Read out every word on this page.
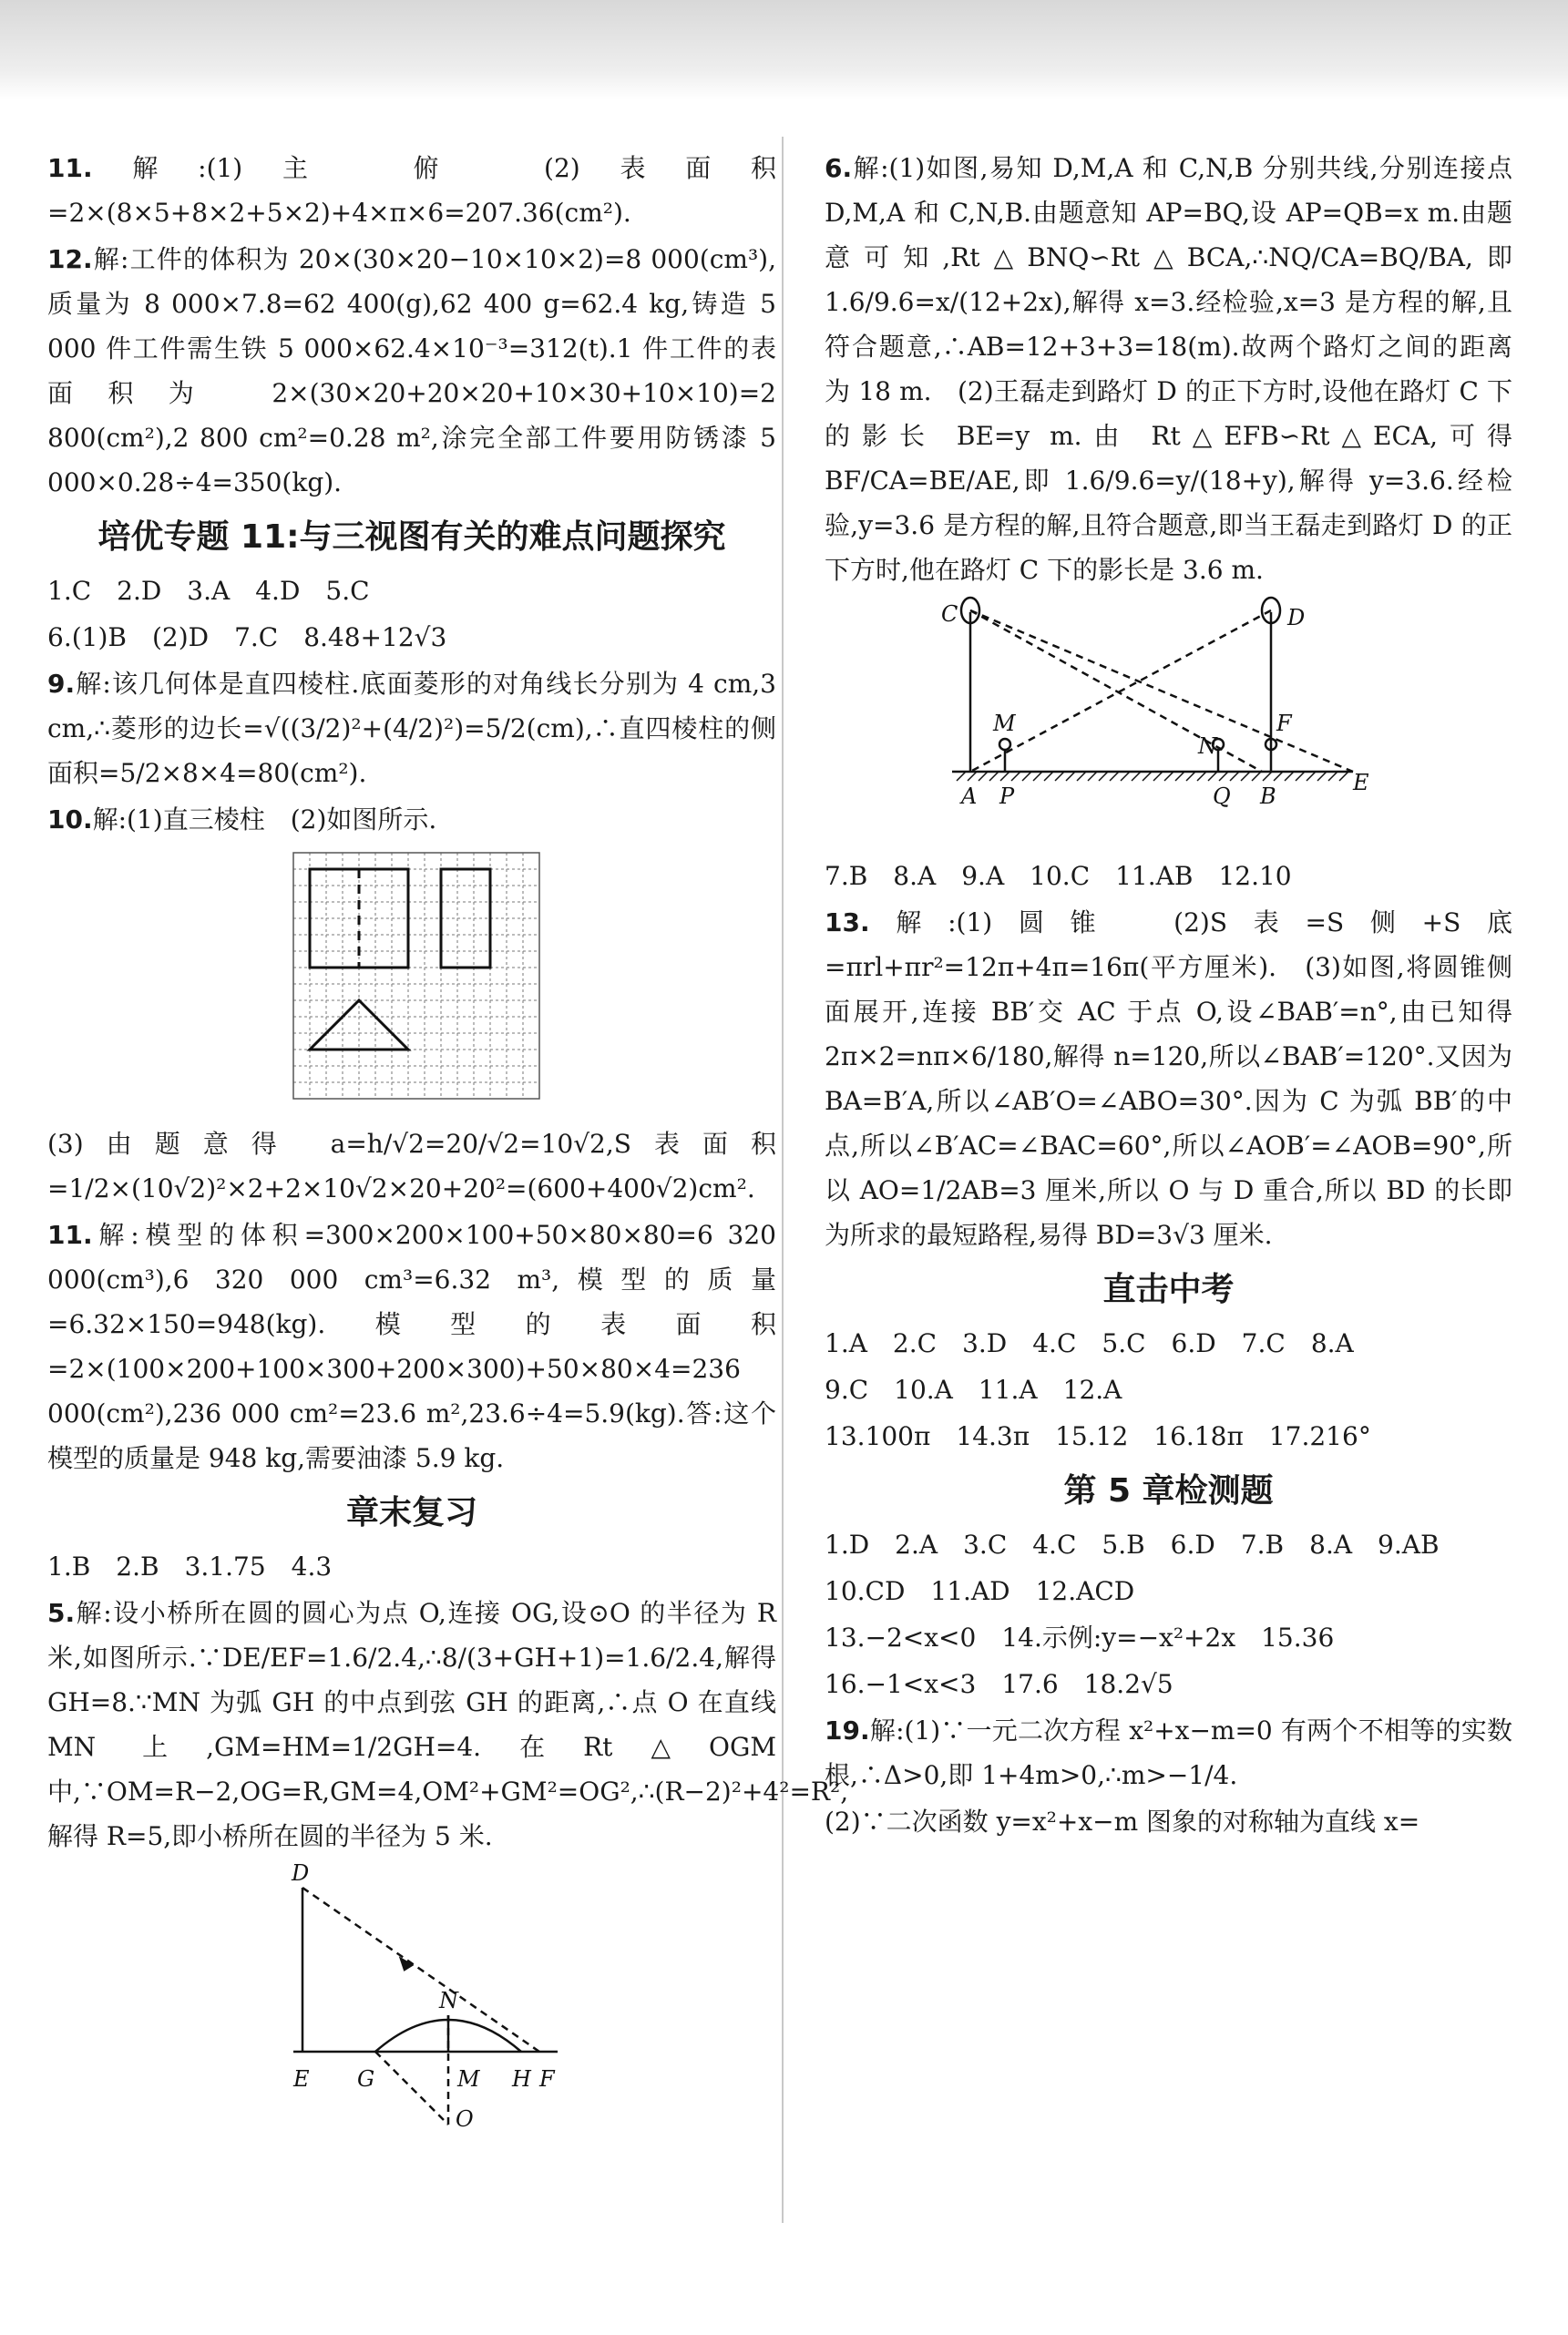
11.解:(1)主　俯　(2)表面积=2×(8×5+8×2+5×2)+4×π×6=207.36(cm²).

12.解:工件的体积为 20×(30×20−10×10×2)=8 000(cm³),质量为 8 000×7.8=62 400(g),62 400 g=62.4 kg,铸造 5 000 件工件需生铁 5 000×62.4×10⁻³=312(t).1 件工件的表面积为 2×(30×20+20×20+10×30+10×10)=2 800(cm²),2 800 cm²=0.28 m²,涂完全部工件要用防锈漆 5 000×0.28÷4=350(kg).

培优专题 11:与三视图有关的难点问题探究

1.C　2.D　3.A　4.D　5.C

6.(1)B　(2)D　7.C　8.48+12√3

9.解:该几何体是直四棱柱.底面菱形的对角线长分别为 4 cm,3 cm,∴菱形的边长=√((3/2)²+(4/2)²)=5/2(cm),∴直四棱柱的侧面积=5/2×8×4=80(cm²).

10.解:(1)直三棱柱　(2)如图所示.

(3)由题意得 a=h/√2=20/√2=10√2,S表面积=1/2×(10√2)²×2+2×10√2×20+20²=(600+400√2)cm².

11.解:模型的体积=300×200×100+50×80×80=6 320 000(cm³),6 320 000 cm³=6.32 m³,模型的质量=6.32×150=948(kg).模型的表面积=2×(100×200+100×300+200×300)+50×80×4=236 000(cm²),236 000 cm²=23.6 m²,23.6÷4=5.9(kg).答:这个模型的质量是 948 kg,需要油漆 5.9 kg.

章末复习

1.B　2.B　3.1.75　4.3

5.解:设小桥所在圆的圆心为点 O,连接 OG,设⊙O 的半径为 R 米,如图所示.∵DE/EF=1.6/2.4,∴8/(3+GH+1)=1.6/2.4,解得 GH=8.∵MN 为弧 GH 的中点到弦 GH 的距离,∴点 O 在直线 MN 上,GM=HM=1/2GH=4.在Rt△OGM 中,∵OM=R−2,OG=R,GM=4,OM²+GM²=OG²,∴(R−2)²+4²=R²,解得 R=5,即小桥所在圆的半径为 5 米.

D
N
E G	M H F
O

6.解:(1)如图,易知 D,M,A 和 C,N,B 分别共线,分别连接点 D,M,A 和 C,N,B.由题意知 AP=BQ,设 AP=QB=x m.由题意可知,Rt△BNQ∽Rt△BCA,∴NQ/CA=BQ/BA,即 1.6/9.6=x/(12+2x),解得 x=3.经检验,x=3 是方程的解,且符合题意,∴AB=12+3+3=18(m).故两个路灯之间的距离为 18 m.　(2)王磊走到路灯 D 的正下方时,设他在路灯 C 下的影长 BE=y m.由 Rt△EFB∽Rt△ECA,可得 BF/CA=BE/AE,即 1.6/9.6=y/(18+y),解得 y=3.6.经检验,y=3.6 是方程的解,且符合题意,即当王磊走到路灯 D 的正下方时,他在路灯 C 下的影长是 3.6 m.

C	D
M
N
F
A P	Q B
E

7.B　8.A　9.A　10.C　11.AB　12.10

13.解:(1)圆锥　(2)S表=S侧+S底=πrl+πr²=12π+4π=16π(平方厘米).　(3)如图,将圆锥侧面展开,连接 BB′交 AC 于点 O,设∠BAB′=n°,由已知得 2π×2=nπ×6/180,解得 n=120,所以∠BAB′=120°.又因为 BA=B′A,所以∠AB′O=∠ABO=30°.因为 C 为弧 BB′的中点,所以∠B′AC=∠BAC=60°,所以∠AOB′=∠AOB=90°,所以 AO=1/2AB=3 厘米,所以 O 与 D 重合,所以 BD 的长即为所求的最短路程,易得 BD=3√3 厘米.

直击中考

1.A　2.C　3.D　4.C　5.C　6.D　7.C　8.A

9.C　10.A　11.A　12.A

13.100π　14.3π　15.12　16.18π　17.216°

第 5 章检测题

1.D　2.A　3.C　4.C　5.B　6.D　7.B　8.A　9.AB

10.CD　11.AD　12.ACD

13.−2<x<0　14.示例:y=−x²+2x　15.36

16.−1<x<3　17.6　18.2√5

19.解:(1)∵一元二次方程 x²+x−m=0 有两个不相等的实数根,∴Δ>0,即 1+4m>0,∴m>−1/4.

(2)∵二次函数 y=x²+x−m 图象的对称轴为直线 x=
